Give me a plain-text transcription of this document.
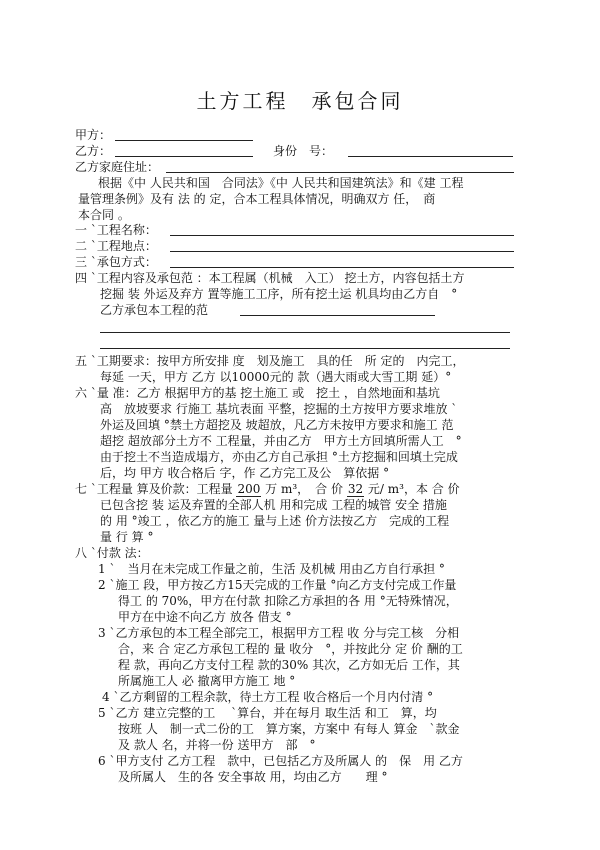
土方工程　承包合同
甲方：
乙方：	身份　号：
乙方家庭住址：
根据《中 人民共和国　合同法》《中 人民共和国建筑法》和《建 工程
量管理条例》及有 法 的 定，合本工程具体情况，明确双方 任，　商
本合同 。
一 `工程名称：
二 `工程地点：
三 `承包方式：
四 `工程内容及承包范 ：本工程属（机械　入工） 挖土方，内容包括土方
挖掘 装 外运及弃方 置等施工工序，所有挖土运 机具均由乙方自　°
乙方承包本工程的范
五 `工期要求：按甲方所安排 度　划及施工　具的任　所 定的　内完工，
每延 一天，甲方 乙方 以10000元的 款（遇大雨或大雪工期 延）°
六 `量 准：乙方 根据甲方的基 挖土施工 或　挖土 ，自然地面和基坑
高　放坡要求 行施工 基坑表面 平整，挖掘的土方按甲方要求堆放 `
外运及回填 °禁土方超挖及 坡超放，凡乙方未按甲方要求和施工 范
超挖 超放部分土方不 工程量，并由乙方　甲方土方回填所需人工　°
由于挖土不当造成塌方，亦由乙方自己承担 °土方挖掘和回填土完成
后，均 甲方 收合格后 字，作 乙方完工及公　算依据 °
七 `工程量 算及价款：工程量 200 万 m³，　合 价 32 元/ m³，本 合 价
已包含挖 装 运及弃置的全部人机 用和完成 工程的城管 安全 措施
的 用 °竣工 ，依乙方的施工 量与上述 价方法按乙方　完成的工程
量 行 算 °
八 `付款 法：
1 `　当月在未完成工作量之前，生活 及机械 用由乙方自行承担 °
2 `施工 段，甲方按乙方15天完成的工作量 °向乙方支付完成工作量
得工 的 70%，甲方在付款 扣除乙方承担的各 用 °无特殊情况，
甲方在中途不向乙方 放各 借支 °
3 `乙方承包的本工程全部完工，根据甲方工程 收 分与完工核　分相
合，来 合 定乙方承包工程的 量 收分　°，并按此分 定 价 酬的工
程 款，再向乙方支付工程 款的30% 其次，乙方如无后 工作，其
所属施工人 必 撤离甲方施工 地 °
4 `乙方剩留的工程余款，待土方工程 收合格后一个月内付清 °
5 `乙方 建立完整的工　 `算台，并在每月 取生活 和工　算，均
按班 人　制一式二份的工　算方案，方案中 有每人 算金　`款金
及 款人 名，并将一份 送甲方　部　°
6 `甲方支付 乙方工程　款中，已包括乙方及所属人 的　保　用 乙方
及所属人　生的各 安全事故 用，均由乙方　　理 °
